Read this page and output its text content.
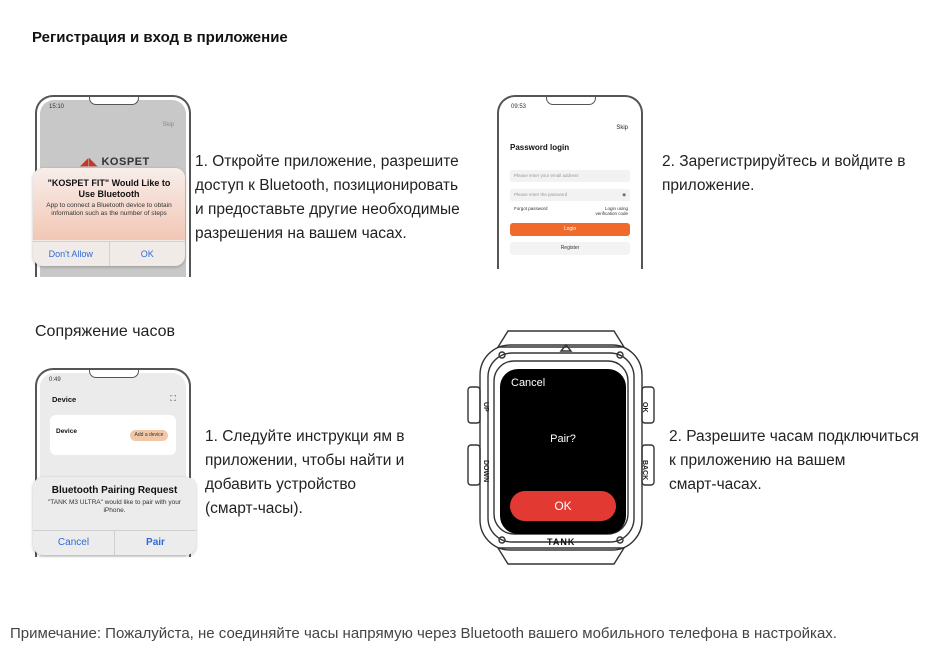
Регистрация и вход в приложение
15:10
Skip
◢◣ KOSPET
"KOSPET FIT" Would Like to Use Bluetooth
App to connect a Bluetooth device to obtain information such as the number of steps
Don't Allow	OK
1. Откройте приложение, разрешите
доступ к Bluetooth, позиционировать
и предоставьте другие необходимые
разрешения на вашем часах.
09:53
Skip
Password login
Please enter your email address
Please enter the password	◉
Forgot password	Login using verification code
Login
Register
2. Зарегистрируйтесь и войдите в
приложение.
Сопряжение часов
0:49
Device	⛶
Device	Add a device
Bluetooth Pairing Request
"TANK M3 ULTRA" would like to pair with your iPhone.
Cancel	Pair
1. Следуйте инструкци ям в
приложении, чтобы найти и
добавить устройство
(смарт-часы).
Cancel
Pair?
OK
TANK
UP
DOWN
OK
BACK
2. Разрешите часам подключиться
к приложению на вашем
смарт-часах.
Примечание: Пожалуйста, не соединяйте часы напрямую через Bluetooth вашего мобильного телефона в настройках.
